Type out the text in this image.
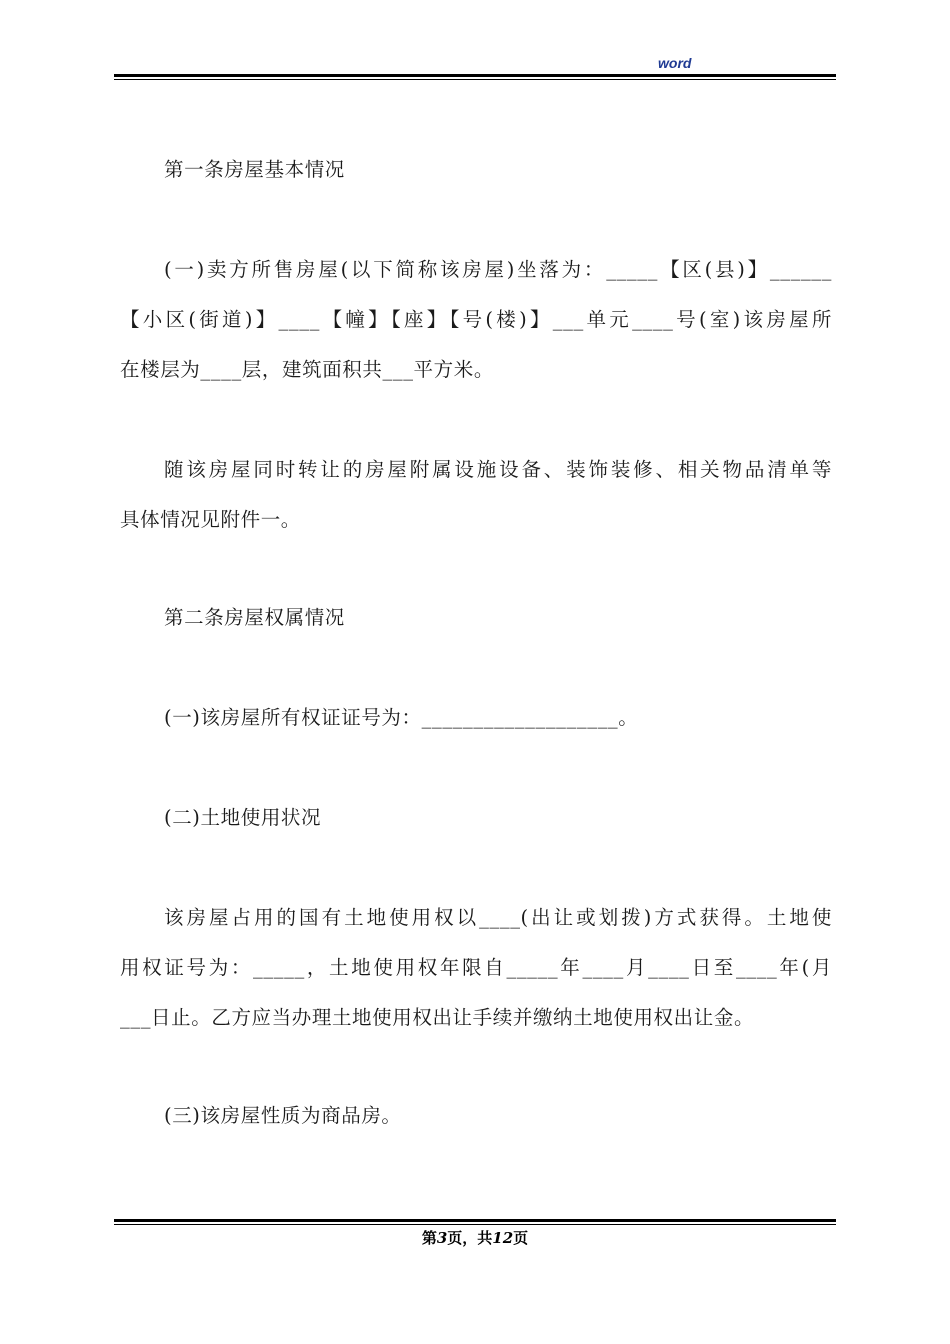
word
第一条房屋基本情况
(一)卖方所售房屋(以下简称该房屋)坐落为：_____【区(县)】______
【小区(街道)】____【幢】【座】【号(楼)】___单元____号(室)该房屋所
在楼层为____层，建筑面积共___平方米。
随该房屋同时转让的房屋附属设施设备、装饰装修、相关物品清单等
具体情况见附件一。
第二条房屋权属情况
(一)该房屋所有权证证号为：___________________。
(二)土地使用状况
该房屋占用的国有土地使用权以____(出让或划拨)方式获得。土地使
用权证号为：_____，土地使用权年限自_____年____月____日至____年(月
___日止。乙方应当办理土地使用权出让手续并缴纳土地使用权出让金。
(三)该房屋性质为商品房。
第3页，共12页
